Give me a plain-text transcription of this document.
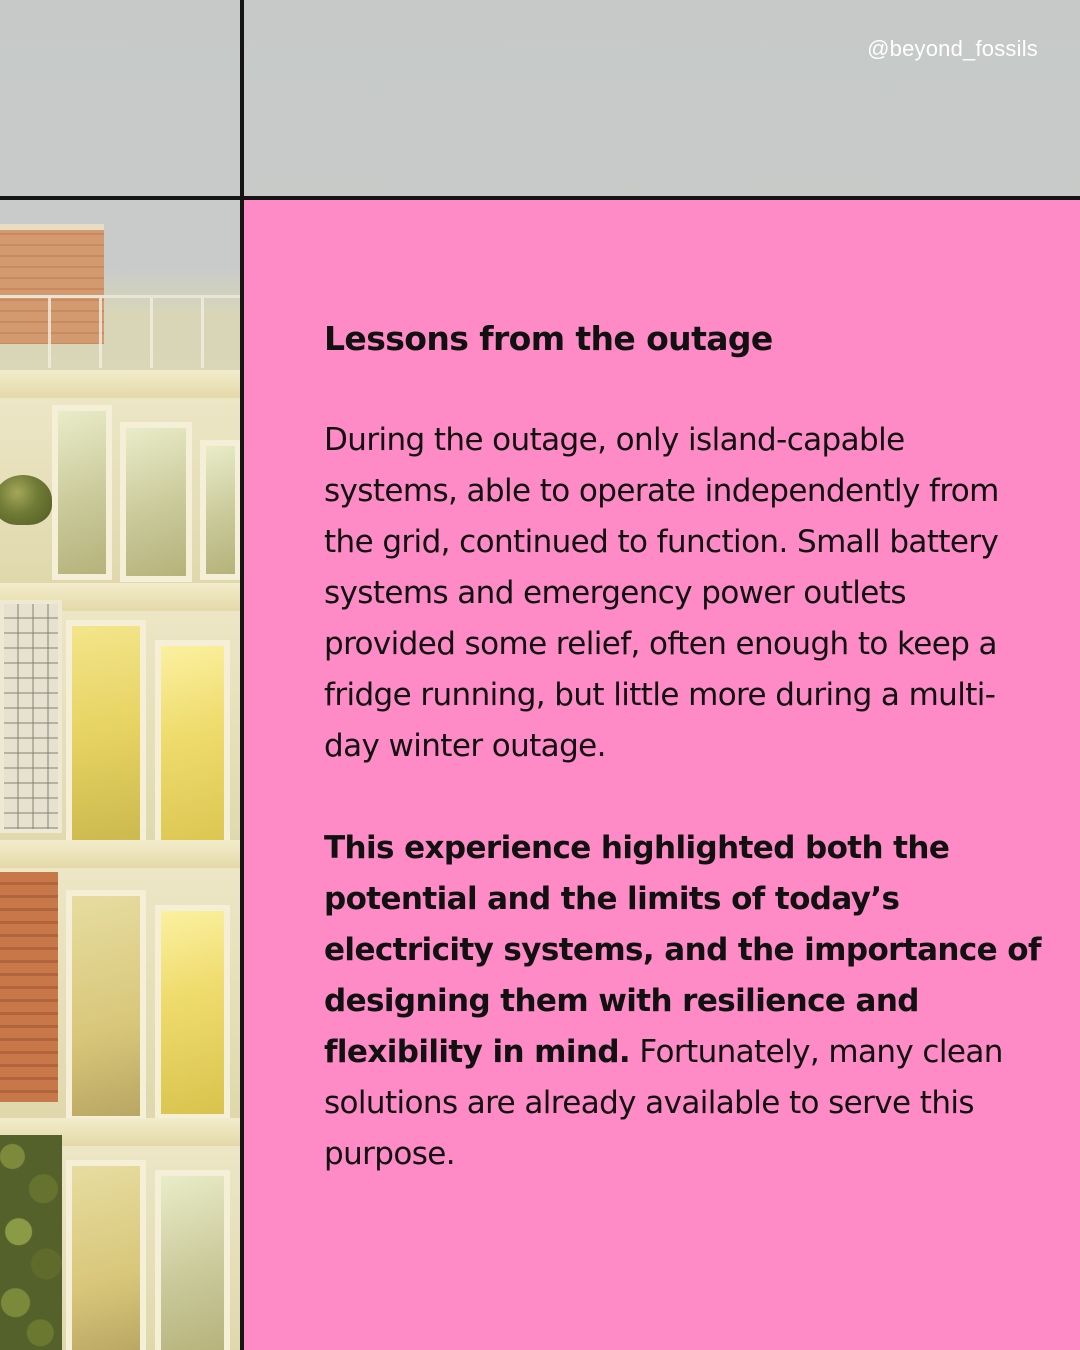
@beyond_fossils
Lessons from the outage
During the outage, only island-capable systems, able to operate independently from the grid, continued to function. Small battery systems and emergency power outlets provided some relief, often enough to keep a fridge running, but little more during a multi-day winter outage.
This experience highlighted both the potential and the limits of today’s electricity systems, and the importance of designing them with resilience and flexibility in mind. Fortunately, many clean solutions are already available to serve this purpose.
